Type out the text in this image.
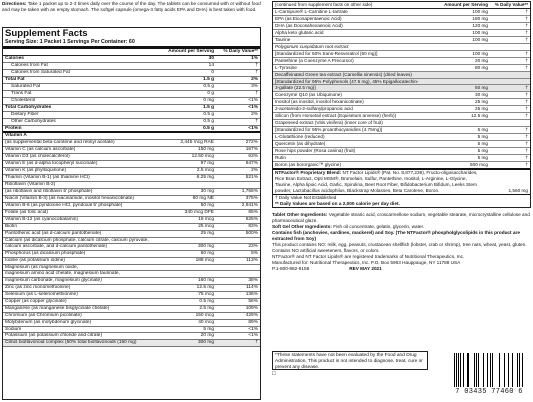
Directions: Take 1 packet up to 2-3 times daily over the course of the day. The tablets can be consumed with or without food and may be taken with an empty stomach. The softgel capsule (omega-3 fatty acids EPA and DHA) is best taken with food.
Supplement Facts
Serving Size: 1 Packet 1 Servings Per Container: 60
Amount per Serving	% Daily Value**
Calories	30	1%
Calories from Fat	14	†
Calories from Saturated Fat	0	†
Total Fat	1.5 g	2%
Saturated Fat	0.5 g	3%
Trans Fat	0 g	†
Cholesterol	0 mg	<1%
Total Carbohydrates	1.5 g	<1%
Dietary Fiber	0.5 g	2%
Other Carbohydrates	0.5 g	†
Protein	0.5 g	<1%
Vitamin A
(as supplemental beta-carotene and retinyl acetate)	2,445 mcg RAE	272%
Vitamin C (as calcium ascorbate)	150 mg	167%
Vitamin D3 (as cholecalciferol)	12.50 mcg	63%
Vitamin E (as d-alpha tocopheryl succinate)	97 mg	647%
Vitamin K (as phylloquinone)	2.5 mcg	2%
Thiamin (Vitamin B-1) (as thiamine HCl)	6.25 mg	521%
Riboflavin (Vitamin B-2)
(as riboflavin and riboflavin 5' phosphate)	30 mg	1,766%
Niacin (Vitamin B-3) (as niacinamide, inositol hexanicotinate)	60 mg NE	375%
Vitamin B-6 (as pyridoxine HCl, pyridoxal 5' phosphate)	50 mg	2,941%
Folate (as folic acid)	340 mcg DFE	85%
Vitamin B-12 (as cyanocobalamin)	15 mcg	625%
Biotin	25 mcg	83%
Pantothenic acid (as d-calcium pantothenate)	25 mg	500%
Calcium (as dicalcium phosphate, calcium citrate, calcium pyruvate,
calcium ascorbate, and d-calcium pantothenate)	300 mg	23%
Phosphorus (as dicalcium phosphate)	60 mg	5%
Iodine (as potassium iodine)	188 mcg	113%
Magnesium (as magnesium oxide,
magnesium amino acid chelate, magnesium taurinate,
magnesium carbonate, magnesium glycinate)	160 mg	38%
Zinc (as zinc monomethionine)	12.5 mg	114%
Selenium (as L-selenomethionine)	75 mcg	136%
Copper (as copper glycinate)	0.5 mg	56%
Manganese (as manganese bisglycinate chelate)	2.5 mg	109%
Chromium (as Chromium picolinate)	150 mcg	429%
Molybdenum (as molybdenum glycinate)	40 mcg	89%
Sodium	5 mg	<1%
Potassium (as potassium chloride and citrate)	20 mg	<1%
Citrus bioflavonoid complex (50% total bioflavonoids (150 mg)	300 mg	†
(continued from supplement facts on other side)	Amount per Serving	% Daily Value**
L-Carnipure® L-Carnitine L-tartrate	100 mg	†
EPA (as Eicosapentaenoic Acid)	180 mg	†
DHA (as Docosahexaenoic Acid)	120 mg	†
Alpha keto glutaric acid	100 mg	†
Taurine	100 mg	†
Polygonum cuspidatum root extract
[Standardized for 50% trans-Resveratrol (50 mg)]	100 mg	†
Pantethine (a Coenzyme A Precursor)	20 mg	†
L-Tyrosine	80 mg	†
Decaffeinated Green tea extract (Camellia sinensis) (dried leaves)
[Standardized for 95% Polyphenols (47.5 mg), 45% Epigallocatechin-
3-gallate (22.5 mg)]	50 mg	†
Coenzyme Q10 (as Ubiquinone)	30 mg	†
Inositol (as inositol, inositol hexanicotinate)	25 mg	†
2-acetamido-2-sulfanylpropanoic acid	25 mg	†
Silicon (from Horsetail extract (Equisetum arvense) (herb))	12.5 mg	†
Grapeseed extract (Vitis vinifera) (inner core of fruit)
[Standardized for 95% proanthocyanidins (4.75mg)]	5 mg	†
L-Glutathione (reduced)	5 mg	†
Quercetin (as dihydrate)	5 mg	†
Rose hips powder (Rosa canina) (fruit)	5 mg	†
Rutin	5 mg	†
Boron (as bororganic™ glycine)	500 mcg	†
NTFactor® Proprietary Blend: NT Factor Lipids® (Pat. No. 8,877,239), Fructo-oligosaccharides, Rice Bran Extract, Opti MSM®, Bromelain, Sulfur, Pantethine, Inositol, L-Arginine, L-Glycine, Taurine, Alpha lipoic Acid, Garlic, Spirulina, Beet Root Fiber, Bifidobacterium Bifidum, Leeks Stem powder, Lactobacillus acidophilus, Blackstrap Molasses, Beta Carotene, Boron.	1,560 mg
† Daily Value Not Established
** Daily Values are based on a 2,000 calorie per day diet.
Tablet Other Ingredients: Vegetable stearic acid, croscarmellose sodium, vegetable stearate, microcrystalline cellulose and pharmaceutical glaze.
Soft Gel Other Ingredients: Fish oil concentrate, gelatin, glycerin, water.
Contains fish (anchovies, sardines, mackerel) and Soy. (The NTFactor® phospholglycolipids in this product are extracted from Soy)
This product contains NO: milk, egg, peanuts, crustacean shellfish (lobster, crab or shrimp), tree nuts, wheat, yeast, gluten.
Contains NO artificial sweeteners, flavors, or colors.
NTFactor® and NT Factor Lipids® are registered trademarks of Nutritional Therapeutics, Inc.
Manufactured for: Nutritional Therapeutics, Inc. P.O. Box 5963 Hauppauge, NY 11788 USA
P.1-800-982-9158	REV MAY 2021
*These statements have not been evaluated by the Food and Drug Administration. This product is not intended to diagnose, treat, cure or prevent any disease.
□
7 03435 77460 6
